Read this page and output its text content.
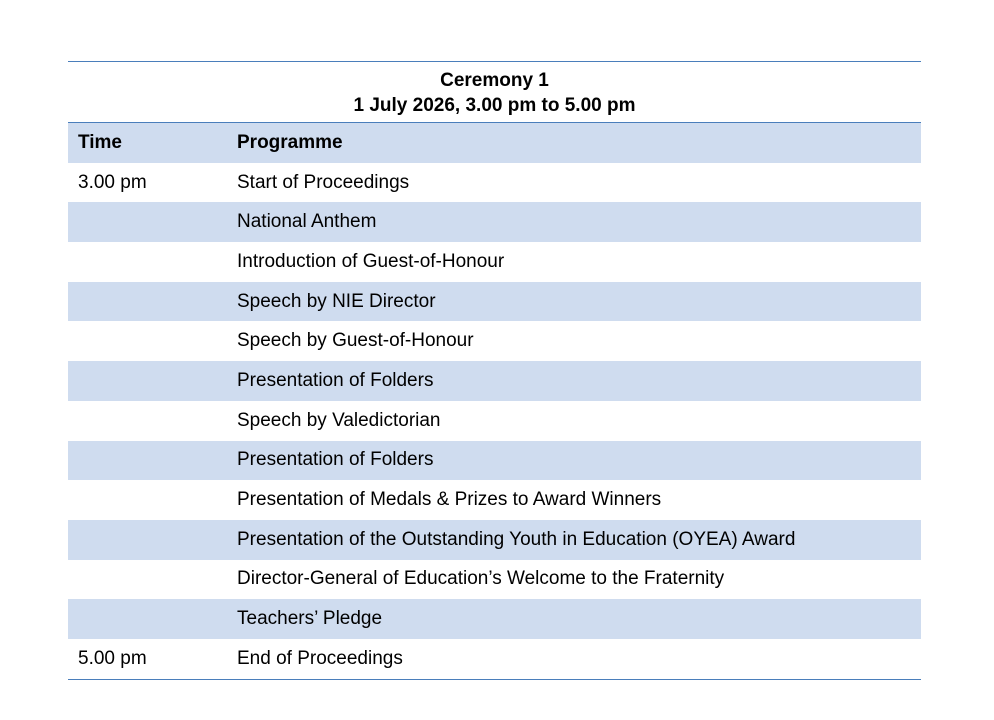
Ceremony 1
1 July 2026, 3.00 pm to 5.00 pm
Time	Programme
3.00 pm	Start of Proceedings
	National Anthem
	Introduction of Guest-of-Honour
	Speech by NIE Director
	Speech by Guest-of-Honour
	Presentation of Folders
	Speech by Valedictorian
	Presentation of Folders
	Presentation of Medals & Prizes to Award Winners
	Presentation of the Outstanding Youth in Education (OYEA) Award
	Director-General of Education’s Welcome to the Fraternity
	Teachers’ Pledge
5.00 pm	End of Proceedings
